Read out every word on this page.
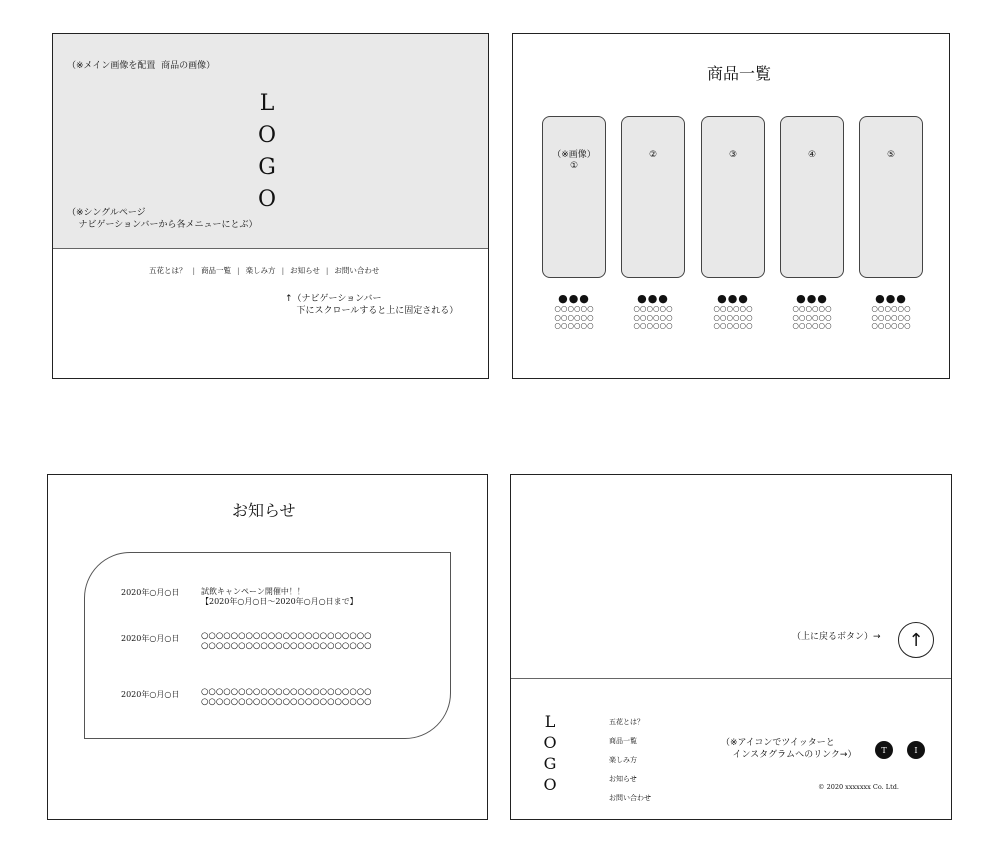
（※メイン画像を配置  商品の画像）
L
O
G
O
（※シングルページ
ナビゲーションバーから各メニューにとぶ）
五花とは？ | 商品一覧 | 楽しみ方 | お知らせ | お問い合わせ
↑（ナビゲーションバー
下にスクロールすると上に固定される）
商品一覧
（※画像）
①
②	③	④	⑤
●●●
○○○○○○
○○○○○○
○○○○○○
●●●
○○○○○○
○○○○○○
○○○○○○
●●●
○○○○○○
○○○○○○
○○○○○○
●●●
○○○○○○
○○○○○○
○○○○○○
●●●
○○○○○○
○○○○○○
○○○○○○
お知らせ
2020年○月○日	試飲キャンペーン開催中！！
【2020年○月○日〜2020年○月○日まで】
2020年○月○日	○○○○○○○○○○○○○○○○○○○○○○○
○○○○○○○○○○○○○○○○○○○○○○○
2020年○月○日	○○○○○○○○○○○○○○○○○○○○○○○
○○○○○○○○○○○○○○○○○○○○○○○
（上に戻るボタン）→ ↑
L
O
G
O
五花とは？
商品一覧
楽しみ方
お知らせ
お問い合わせ
（※アイコンでツイッターと
インスタグラムへのリンク→）	T	I
© 2020 xxxxxxx Co. Ltd.
